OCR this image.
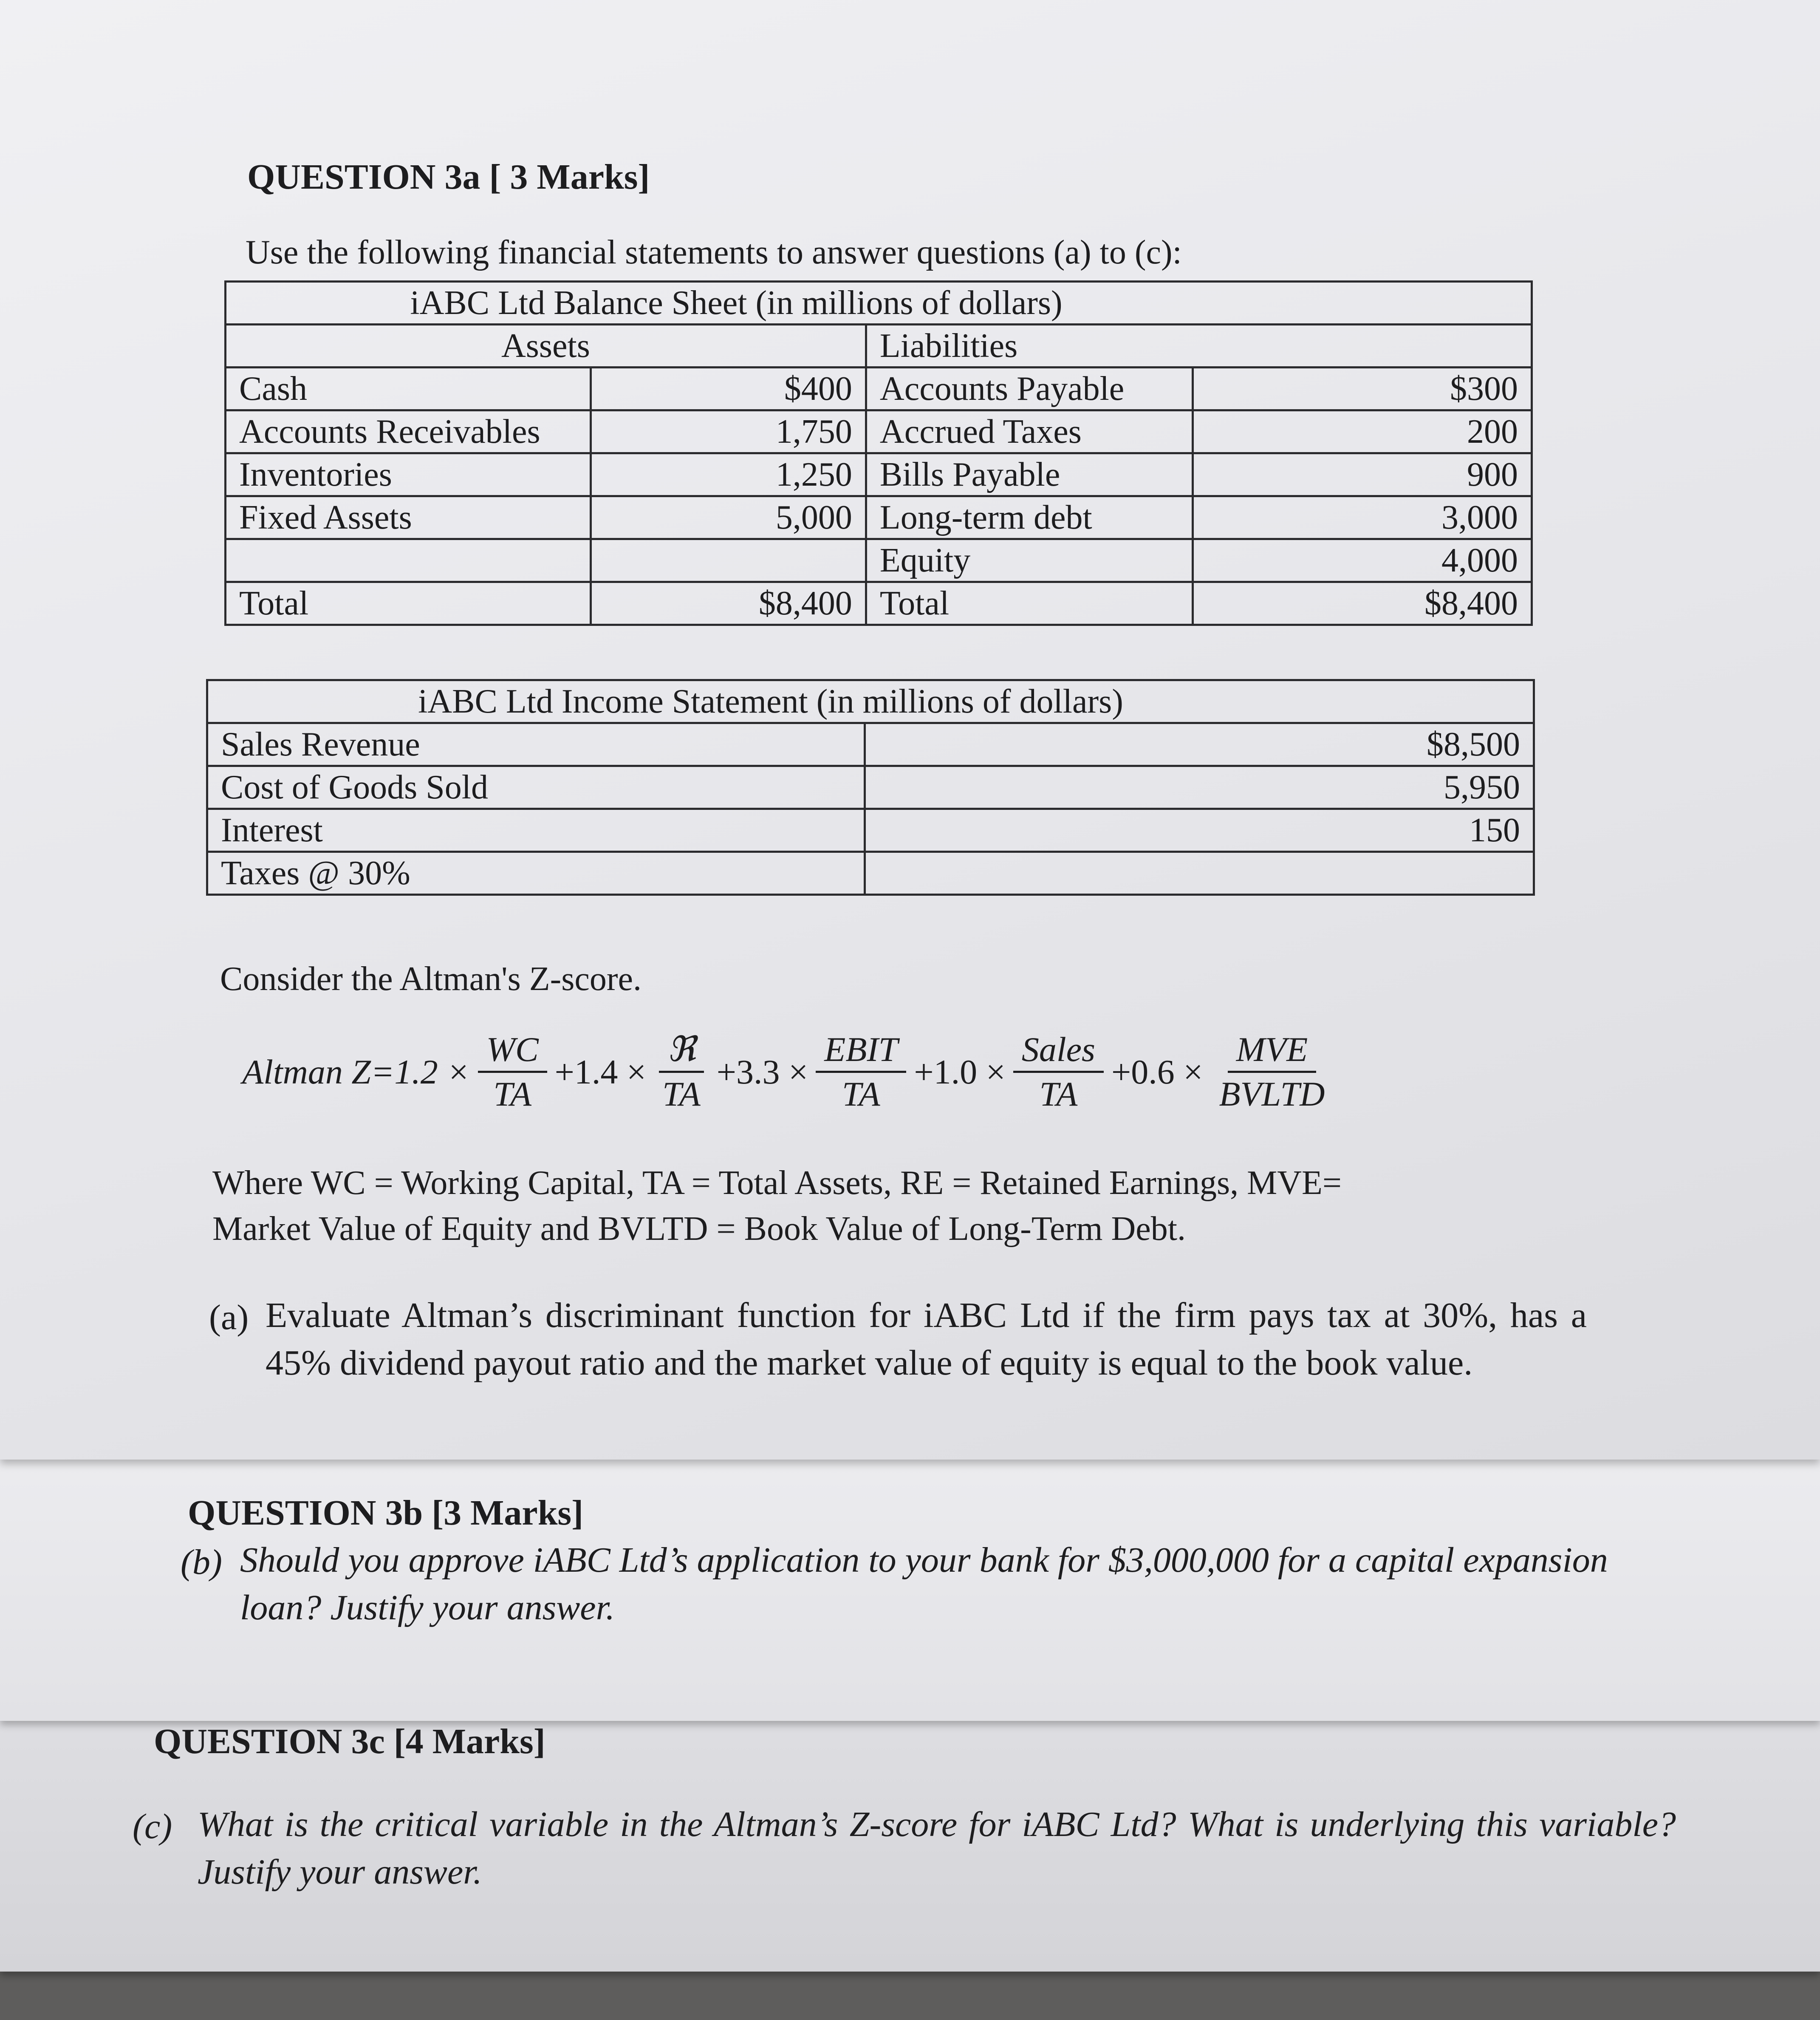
QUESTION 3a [ 3 Marks]
Use the following financial statements to answer questions (a) to (c):
iABC Ltd Balance Sheet (in millions of dollars)			
Assets		Liabilities	
Cash	$400	Accounts Payable	$300
Accounts Receivables	1,750	Accrued Taxes	200
Inventories	1,250	Bills Payable	900
Fixed Assets	5,000	Long-term debt	3,000
		Equity	4,000
Total	$8,400	Total	$8,400
iABC Ltd Income Statement (in millions of dollars)	
Sales Revenue	$8,500
Cost of Goods Sold	5,950
Interest	150
Taxes @ 30%	
Consider the Altman's Z-score.
Altman $Z=1.2 \times \frac{WC}{TA} +1.4 \times \frac{\text{ℜ}}{TA} +3.3 \times \frac{\text{EBIT}}{TA} +1.0 \times \frac{\text{Sales}}{TA} +0.6 \times \frac{\text{MVE}}{\text{BVLTD}}$
Where WC = Working Capital, TA = Total Assets, RE = Retained Earnings, MVE= Market Value of Equity and BVLTD = Book Value of Long-Term Debt.
(a) Evaluate Altman’s discriminant function for iABC Ltd if the firm pays tax at 30%, has a 45% dividend payout ratio and the market value of equity is equal to the book value.
QUESTION 3b [3 Marks]
(b) Should you approve iABC Ltd’s application to your bank for $3,000,000 for a capital expansion loan? Justify your answer.
QUESTION 3c [4 Marks]
(c) What is the critical variable in the Altman’s Z-score for iABC Ltd? What is underlying this variable? Justify your answer.
